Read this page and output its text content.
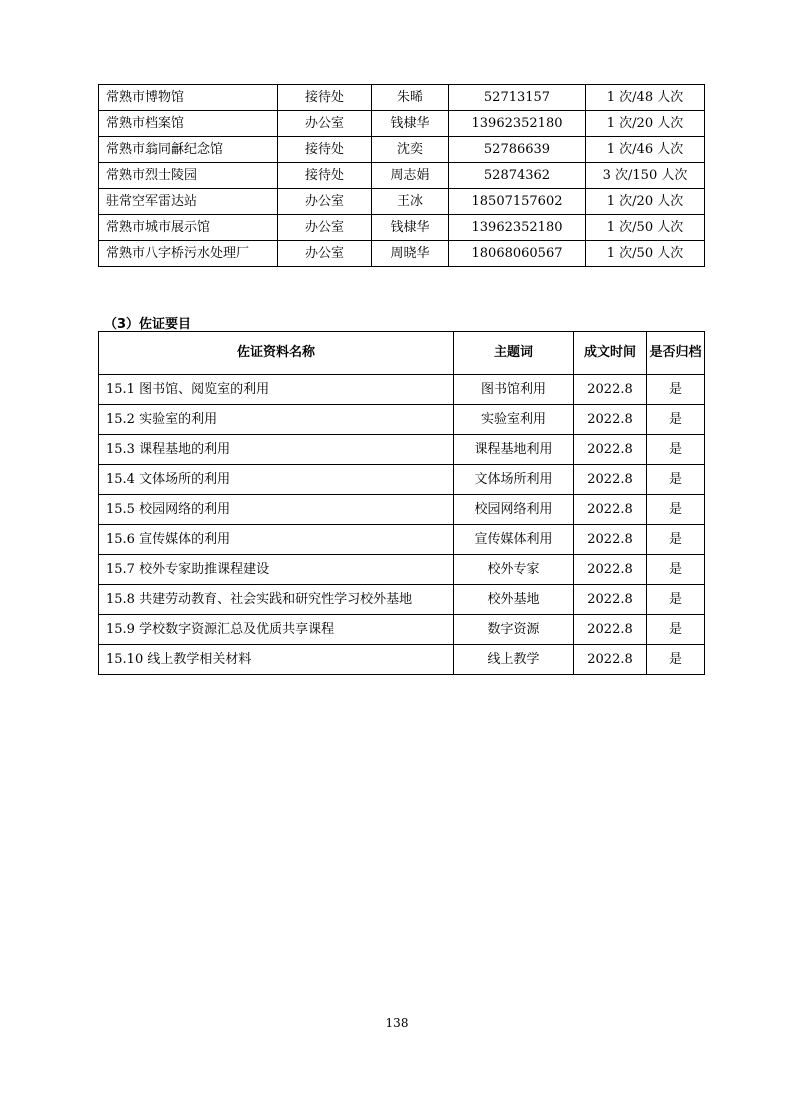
常熟市博物馆	接待处	朱晞	52713157	1 次/48 人次
常熟市档案馆	办公室	钱棣华	13962352180	1 次/20 人次
常熟市翁同龢纪念馆	接待处	沈奕	52786639	1 次/46 人次
常熟市烈士陵园	接待处	周志娟	52874362	3 次/150 人次
驻常空军雷达站	办公室	王冰	18507157602	1 次/20 人次
常熟市城市展示馆	办公室	钱棣华	13962352180	1 次/50 人次
常熟市八字桥污水处理厂	办公室	周晓华	18068060567	1 次/50 人次
（3）佐证要目
佐证资料名称	主题词	成文时间	是否归档
15.1 图书馆、阅览室的利用	图书馆利用	2022.8	是
15.2 实验室的利用	实验室利用	2022.8	是
15.3 课程基地的利用	课程基地利用	2022.8	是
15.4 文体场所的利用	文体场所利用	2022.8	是
15.5 校园网络的利用	校园网络利用	2022.8	是
15.6 宣传媒体的利用	宣传媒体利用	2022.8	是
15.7 校外专家助推课程建设	校外专家	2022.8	是
15.8 共建劳动教育、社会实践和研究性学习校外基地	校外基地	2022.8	是
15.9 学校数字资源汇总及优质共享课程	数字资源	2022.8	是
15.10 线上教学相关材料	线上教学	2022.8	是
138
